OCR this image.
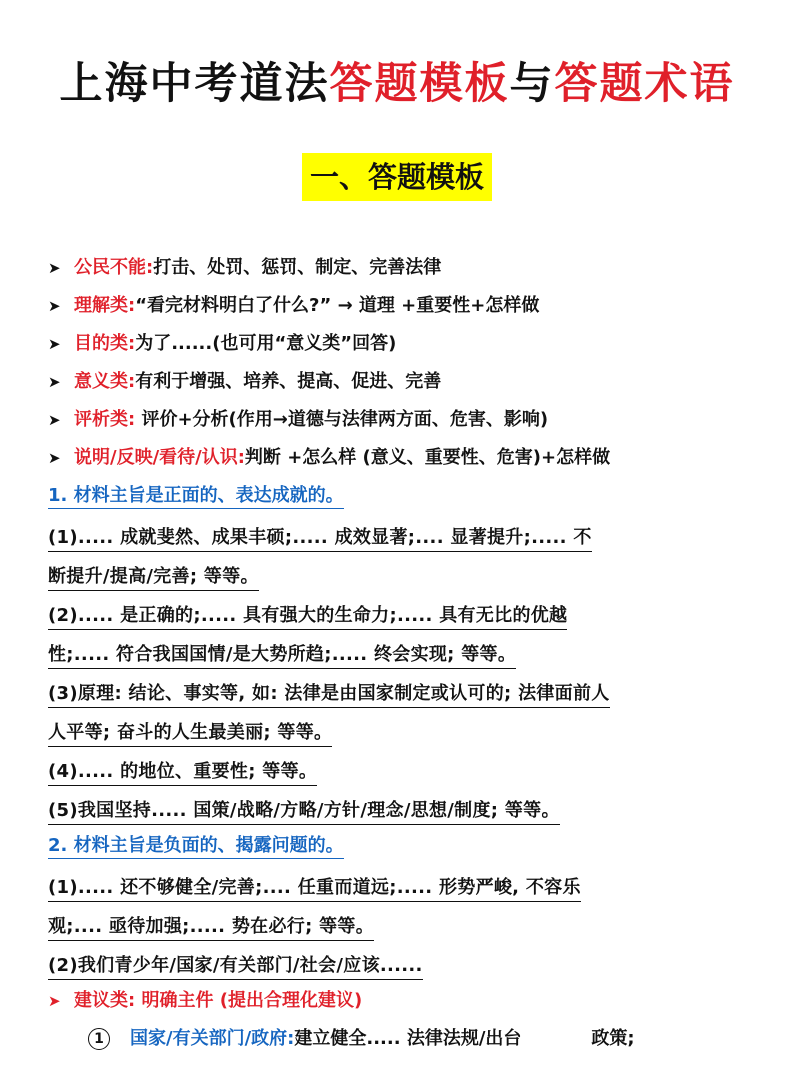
上海中考道法答题模板与答题术语
一、答题模板
➤ 公民不能:打击、处罚、惩罚、制定、完善法律
➤ 理解类:“看完材料明白了什么?” → 道理 +重要性+怎样做
➤ 目的类:为了......(也可用“意义类”回答)
➤ 意义类:有利于增强、培养、提高、促进、完善
➤ 评析类: 评价+分析(作用→道德与法律两方面、危害、影响)
➤ 说明/反映/看待/认识:判断 +怎么样 (意义、重要性、危害)+怎样做
1. 材料主旨是正面的、表达成就的。
(1)..... 成就斐然、成果丰硕;..... 成效显著;.... 显著提升;..... 不
断提升/提高/完善; 等等。
(2)..... 是正确的;..... 具有强大的生命力;..... 具有无比的优越
性;..... 符合我国国情/是大势所趋;..... 终会实现; 等等。
(3)原理: 结论、事实等, 如: 法律是由国家制定或认可的; 法律面前人
人平等; 奋斗的人生最美丽; 等等。
(4)..... 的地位、重要性; 等等。
(5)我国坚持..... 国策/战略/方略/方针/理念/思想/制度; 等等。
2. 材料主旨是负面的、揭露问题的。
(1)..... 还不够健全/完善;.... 任重而道远;..... 形势严峻, 不容乐
观;.... 亟待加强;..... 势在必行; 等等。
(2)我们青少年/国家/有关部门/社会/应该......
➤ 建议类: 明确主件 (提出合理化建议)
1 国家/有关部门/政府:建立健全..... 法律法规/出台	政策;
